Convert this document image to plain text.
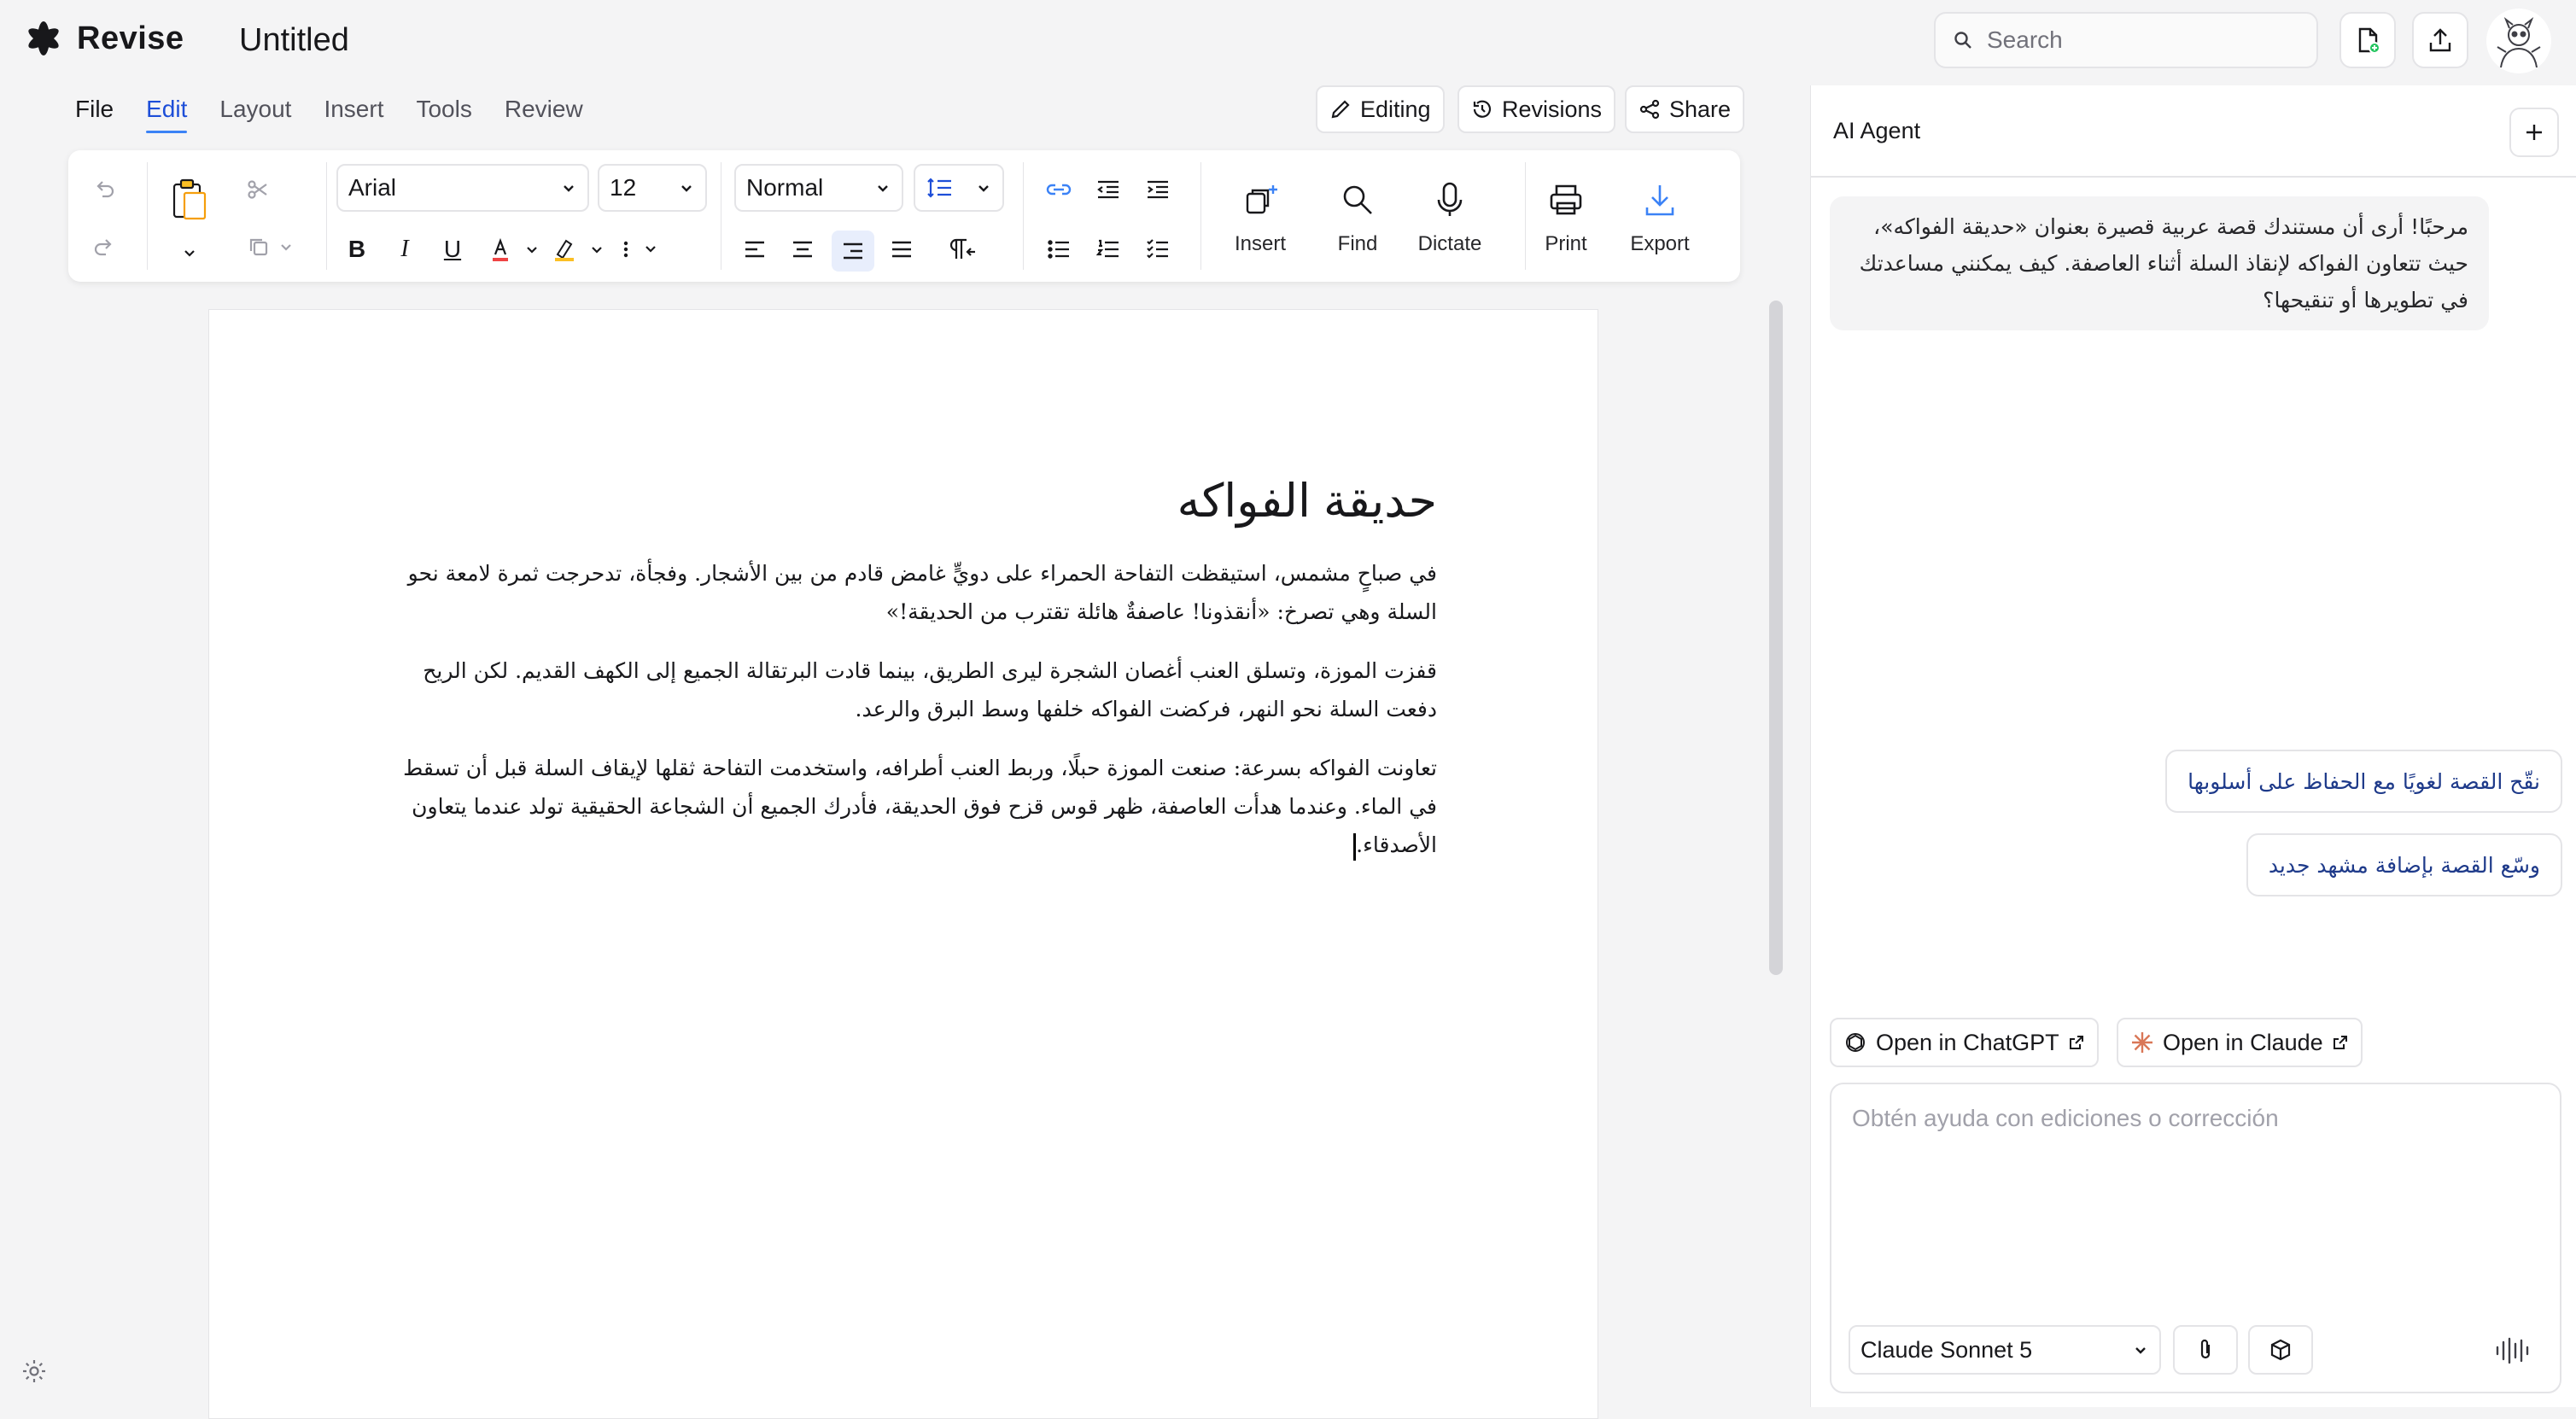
Revise Untitled	Search
File Edit Layout Insert Tools Review	Editing	Revisions	Share
Arial	12
B I U
Normal
Insert	Find	Dictate	Print	Export
حديقة الفواكه

في صباحٍ مشمس، استيقظت التفاحة الحمراء على دويٍّ غامض قادم من بين الأشجار. وفجأة، تدحرجت ثمرة لامعة نحو السلة وهي تصرخ: «أنقذونا! عاصفةٌ هائلة تقترب من الحديقة!»

قفزت الموزة، وتسلق العنب أغصان الشجرة ليرى الطريق، بينما قادت البرتقالة الجميع إلى الكهف القديم. لكن الريح دفعت السلة نحو النهر، فركضت الفواكه خلفها وسط البرق والرعد.

تعاونت الفواكه بسرعة: صنعت الموزة حبلًا، وربط العنب أطرافه، واستخدمت التفاحة ثقلها لإيقاف السلة قبل أن تسقط في الماء. وعندما هدأت العاصفة، ظهر قوس قزح فوق الحديقة، فأدرك الجميع أن الشجاعة الحقيقية تولد عندما يتعاون الأصدقاء.

AI Agent
مرحبًا! أرى أن مستندك قصة عربية قصيرة بعنوان «حديقة الفواكه»، حيث تتعاون الفواكه لإنقاذ السلة أثناء العاصفة. كيف يمكنني مساعدتك في تطويرها أو تنقيحها؟
نقّح القصة لغويًا مع الحفاظ على أسلوبها
وسّع القصة بإضافة مشهد جديد
Open in ChatGPT	Open in Claude
Obtén ayuda con ediciones o corrección
Claude Sonnet 5
